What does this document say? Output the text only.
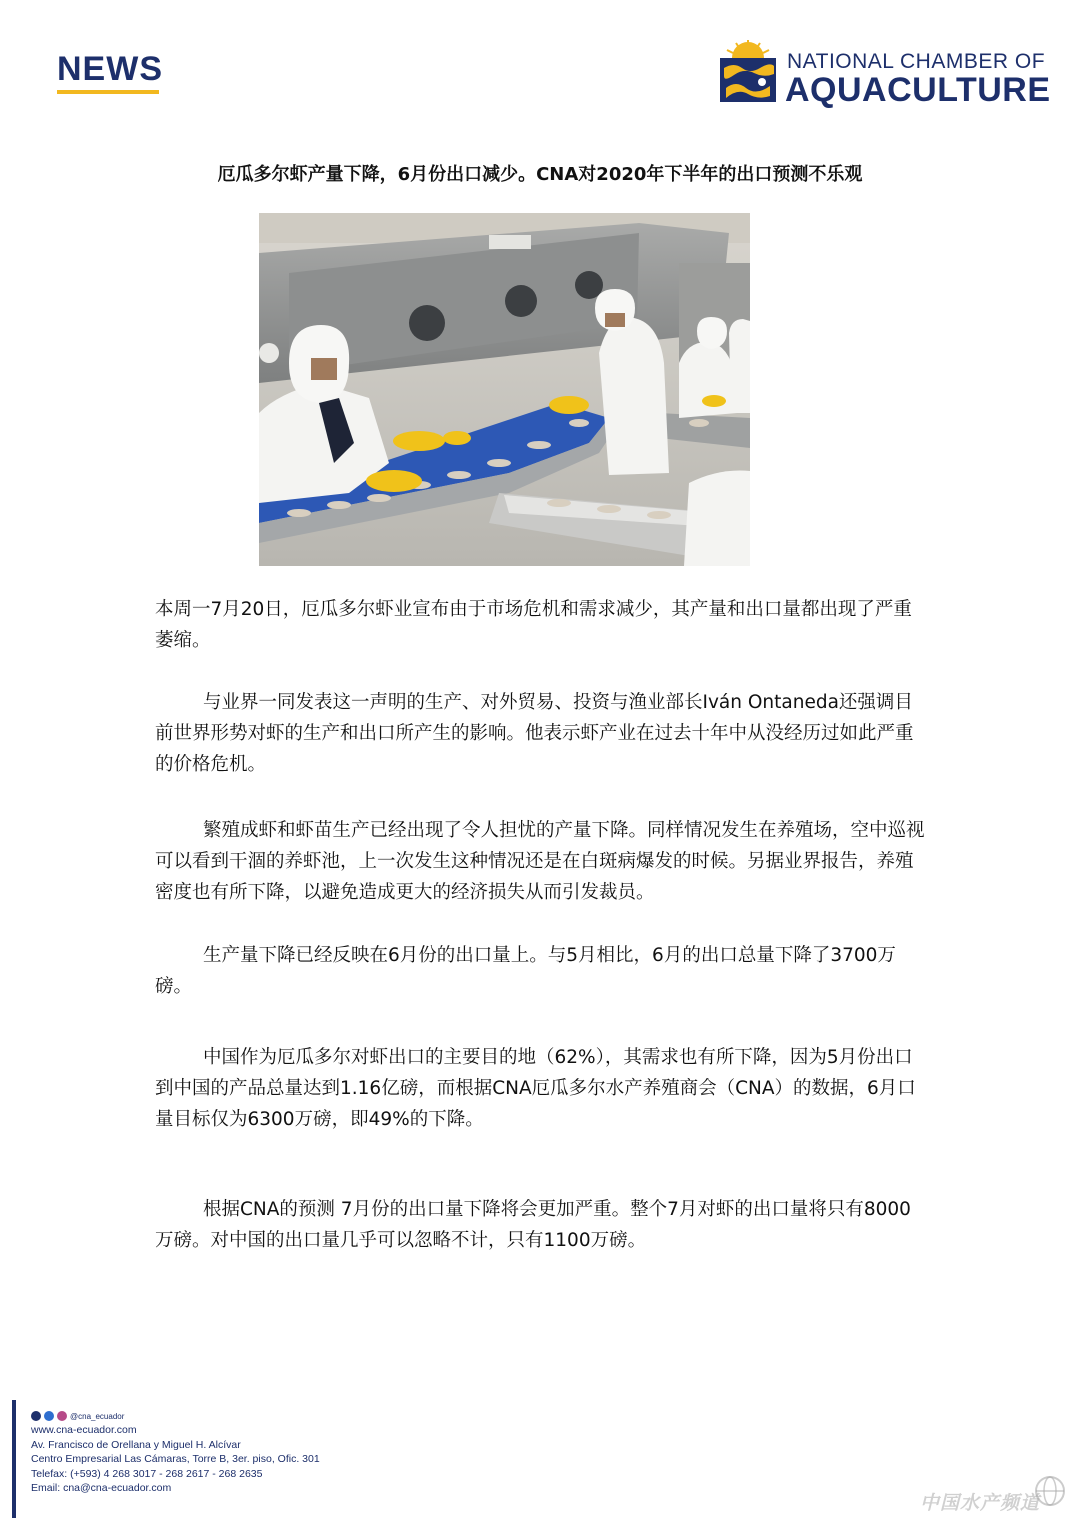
NEWS	NATIONAL CHAMBER OF
AQUACULTURE
厄瓜多尔虾产量下降，6月份出口减少。CNA对2020年下半年的出口预测不乐观

本周一7月20日，厄瓜多尔虾业宣布由于市场危机和需求减少，其产量和出口量都出现了严重萎缩。

与业界一同发表这一声明的生产、对外贸易、投资与渔业部长Iván Ontaneda还强调目前世界形势对虾的生产和出口所产生的影响。他表示虾产业在过去十年中从没经历过如此严重的价格危机。

繁殖成虾和虾苗生产已经出现了令人担忧的产量下降。同样情况发生在养殖场，空中巡视可以看到干涸的养虾池，上一次发生这种情况还是在白斑病爆发的时候。另据业界报告，养殖密度也有所下降，以避免造成更大的经济损失从而引发裁员。

生产量下降已经反映在6月份的出口量上。与5月相比，6月的出口总量下降了3700万磅。

中国作为厄瓜多尔对虾出口的主要目的地（62%），其需求也有所下降，因为5月份出口到中国的产品总量达到1.16亿磅，而根据CNA厄瓜多尔水产养殖商会（CNA）的数据，6月口量目标仅为6300万磅，即49%的下降。

根据CNA的预测 7月份的出口量下降将会更加严重。整个7月对虾的出口量将只有8000万磅。对中国的出口量几乎可以忽略不计，只有1100万磅。

@cna_ecuador
www.cna-ecuador.com
Av. Francisco de Orellana y Miguel H. Alcívar
Centro Empresarial Las Cámaras, Torre B, 3er. piso, Ofic. 301
Telefax: (+593) 4 268 3017 - 268 2617 - 268 2635
Email: cna@cna-ecuador.com
中国水产频道
